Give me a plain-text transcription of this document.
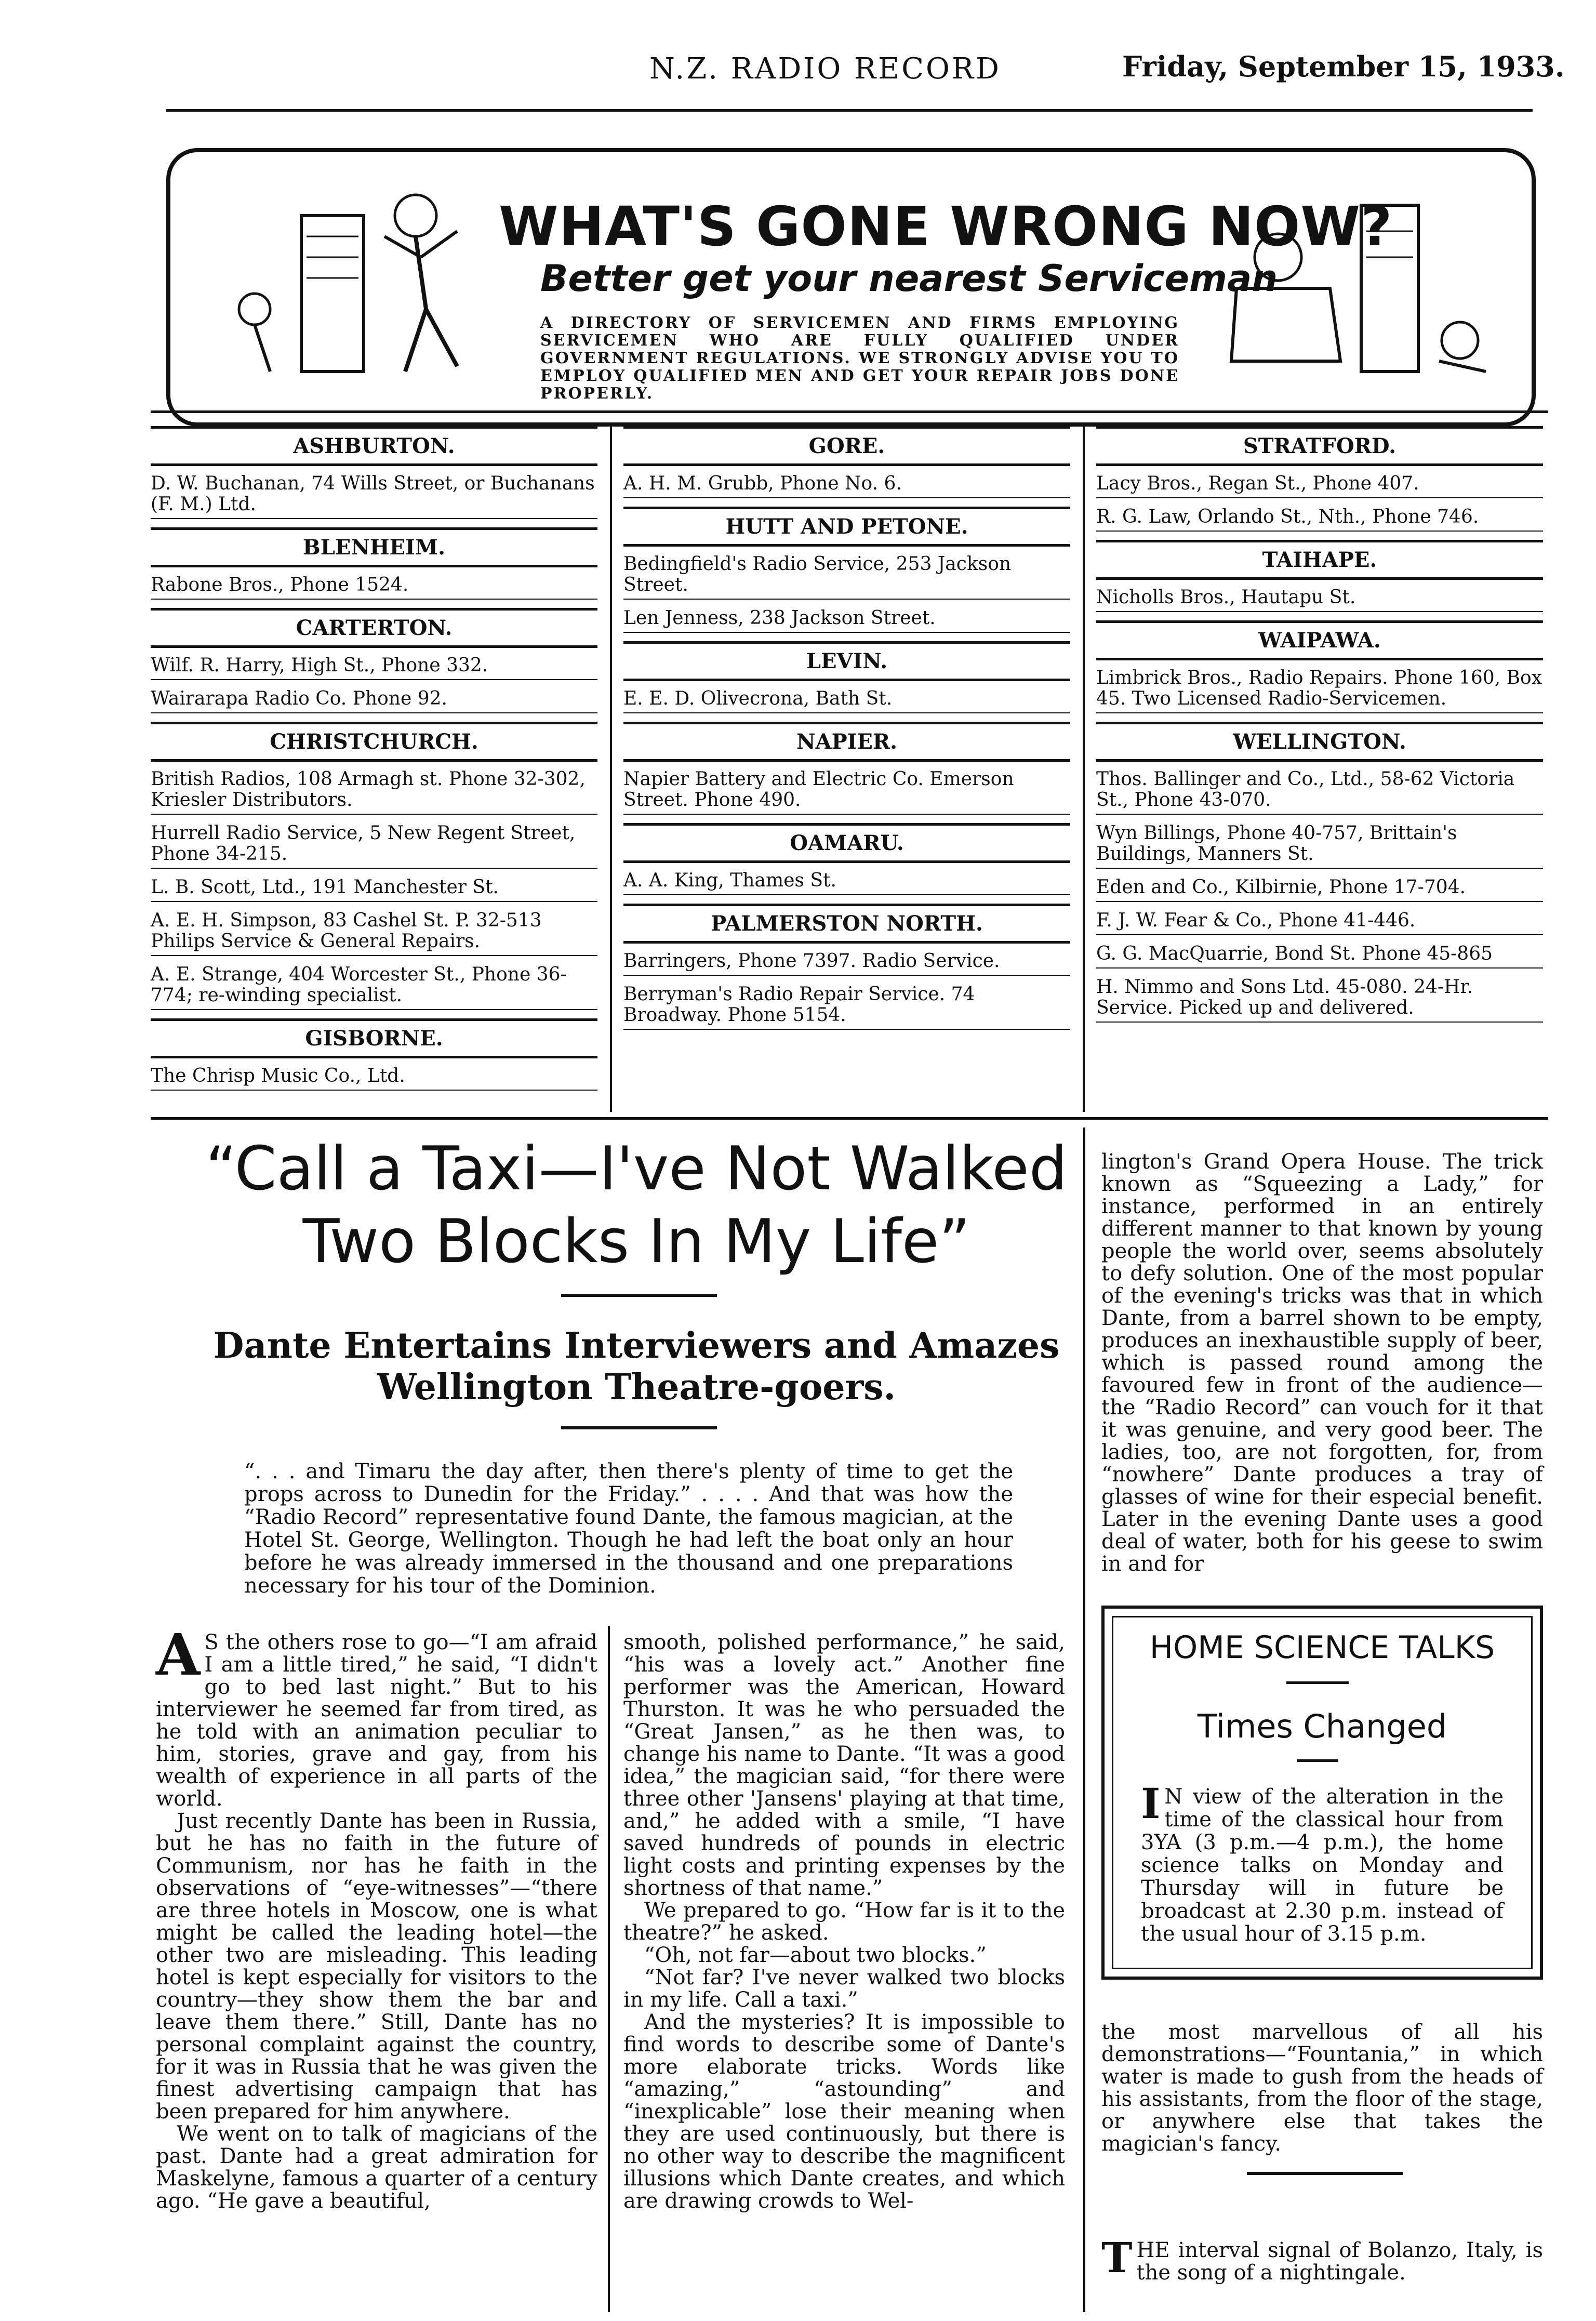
N.Z. RADIO RECORD	Friday, September 15, 1933.
WHAT'S GONE WRONG NOW?
Better get your nearest Serviceman
A DIRECTORY OF SERVICEMEN AND FIRMS EMPLOYING SERVICEMEN WHO ARE FULLY QUALIFIED UNDER GOVERNMENT REGULATIONS. WE STRONGLY ADVISE YOU TO EMPLOY QUALIFIED MEN AND GET YOUR REPAIR JOBS DONE PROPERLY.
ASHBURTON.
D. W. Buchanan, 74 Wills Street, or Buchanans (F. M.) Ltd.
BLENHEIM.
Rabone Bros., Phone 1524.
CARTERTON.
Wilf. R. Harry, High St., Phone 332.
Wairarapa Radio Co. Phone 92.
CHRISTCHURCH.
British Radios, 108 Armagh st. Phone 32-302, Kriesler Distributors.
Hurrell Radio Service, 5 New Regent Street, Phone 34-215.
L. B. Scott, Ltd., 191 Manchester St.
A. E. H. Simpson, 83 Cashel St. P. 32-513 Philips Service & General Repairs.
A. E. Strange, 404 Worcester St., Phone 36-774; re-winding specialist.
GISBORNE.
The Chrisp Music Co., Ltd.
GORE.
A. H. M. Grubb, Phone No. 6.
HUTT AND PETONE.
Bedingfield's Radio Service, 253 Jackson Street.
Len Jenness, 238 Jackson Street.
LEVIN.
E. E. D. Olivecrona, Bath St.
NAPIER.
Napier Battery and Electric Co. Emerson Street. Phone 490.
OAMARU.
A. A. King, Thames St.
PALMERSTON NORTH.
Barringers, Phone 7397. Radio Service.
Berryman's Radio Repair Service. 74 Broadway. Phone 5154.
STRATFORD.
Lacy Bros., Regan St., Phone 407.
R. G. Law, Orlando St., Nth., Phone 746.
TAIHAPE.
Nicholls Bros., Hautapu St.
WAIPAWA.
Limbrick Bros., Radio Repairs. Phone 160, Box 45. Two Licensed Radio-Servicemen.
WELLINGTON.
Thos. Ballinger and Co., Ltd., 58-62 Victoria St., Phone 43-070.
Wyn Billings, Phone 40-757, Brittain's Buildings, Manners St.
Eden and Co., Kilbirnie, Phone 17-704.
F. J. W. Fear & Co., Phone 41-446.
G. G. MacQuarrie, Bond St. Phone 45-865
H. Nimmo and Sons Ltd. 45-080. 24-Hr. Service. Picked up and delivered.
“Call a Taxi—I've Not Walked
Two Blocks In My Life”
Dante Entertains Interviewers and Amazes
Wellington Theatre-goers.
“. . . and Timaru the day after, then there's plenty of time to get the props across to Dunedin for the Friday.” . . . . And that was how the “Radio Record” representative found Dante, the famous magician, at the Hotel St. George, Wellington. Though he had left the boat only an hour before he was already immersed in the thousand and one preparations necessary for his tour of the Dominion.
A S the others rose to go—“I am afraid I am a little tired,” he said, “I didn't go to bed last night.” But to his interviewer he seemed far from tired, as he told with an animation peculiar to him, stories, grave and gay, from his wealth of experience in all parts of the world.

Just recently Dante has been in Russia, but he has no faith in the future of Communism, nor has he faith in the observations of “eye-witnesses”—“there are three hotels in Moscow, one is what might be called the leading hotel—the other two are misleading. This leading hotel is kept especially for visitors to the country—they show them the bar and leave them there.” Still, Dante has no personal complaint against the country, for it was in Russia that he was given the finest advertising campaign that has been prepared for him anywhere.

We went on to talk of magicians of the past. Dante had a great admiration for Maskelyne, famous a quarter of a century ago. “He gave a beautiful,

smooth, polished performance,” he said, “his was a lovely act.” Another fine performer was the American, Howard Thurston. It was he who persuaded the “Great Jansen,” as he then was, to change his name to Dante. “It was a good idea,” the magician said, “for there were three other 'Jansens' playing at that time, and,” he added with a smile, “I have saved hundreds of pounds in electric light costs and printing expenses by the shortness of that name.”

We prepared to go. “How far is it to the theatre?” he asked.

“Oh, not far—about two blocks.”

“Not far? I've never walked two blocks in my life. Call a taxi.”

And the mysteries? It is impossible to find words to describe some of Dante's more elaborate tricks. Words like “amazing,” “astounding” and “inexplicable” lose their meaning when they are used continuously, but there is no other way to describe the magnificent illusions which Dante creates, and which are drawing crowds to Wel-

lington's Grand Opera House. The trick known as “Squeezing a Lady,” for instance, performed in an entirely different manner to that known by young people the world over, seems absolutely to defy solution. One of the most popular of the evening's tricks was that in which Dante, from a barrel shown to be empty, produces an inexhaustible supply of beer, which is passed round among the favoured few in front of the audience—the “Radio Record” can vouch for it that it was genuine, and very good beer. The ladies, too, are not forgotten, for, from “nowhere” Dante produces a tray of glasses of wine for their especial benefit. Later in the evening Dante uses a good deal of water, both for his geese to swim in and for
HOME SCIENCE TALKS
Times Changed
I N view of the alteration in the time of the classical hour from 3YA (3 p.m.—4 p.m.), the home science talks on Monday and Thursday will in future be broadcast at 2.30 p.m. instead of the usual hour of 3.15 p.m.
the most marvellous of all his demonstrations—“Fountania,” in which water is made to gush from the heads of his assistants, from the floor of the stage, or anywhere else that takes the magician's fancy.
T HE interval signal of Bolanzo, Italy, is the song of a nightingale.
